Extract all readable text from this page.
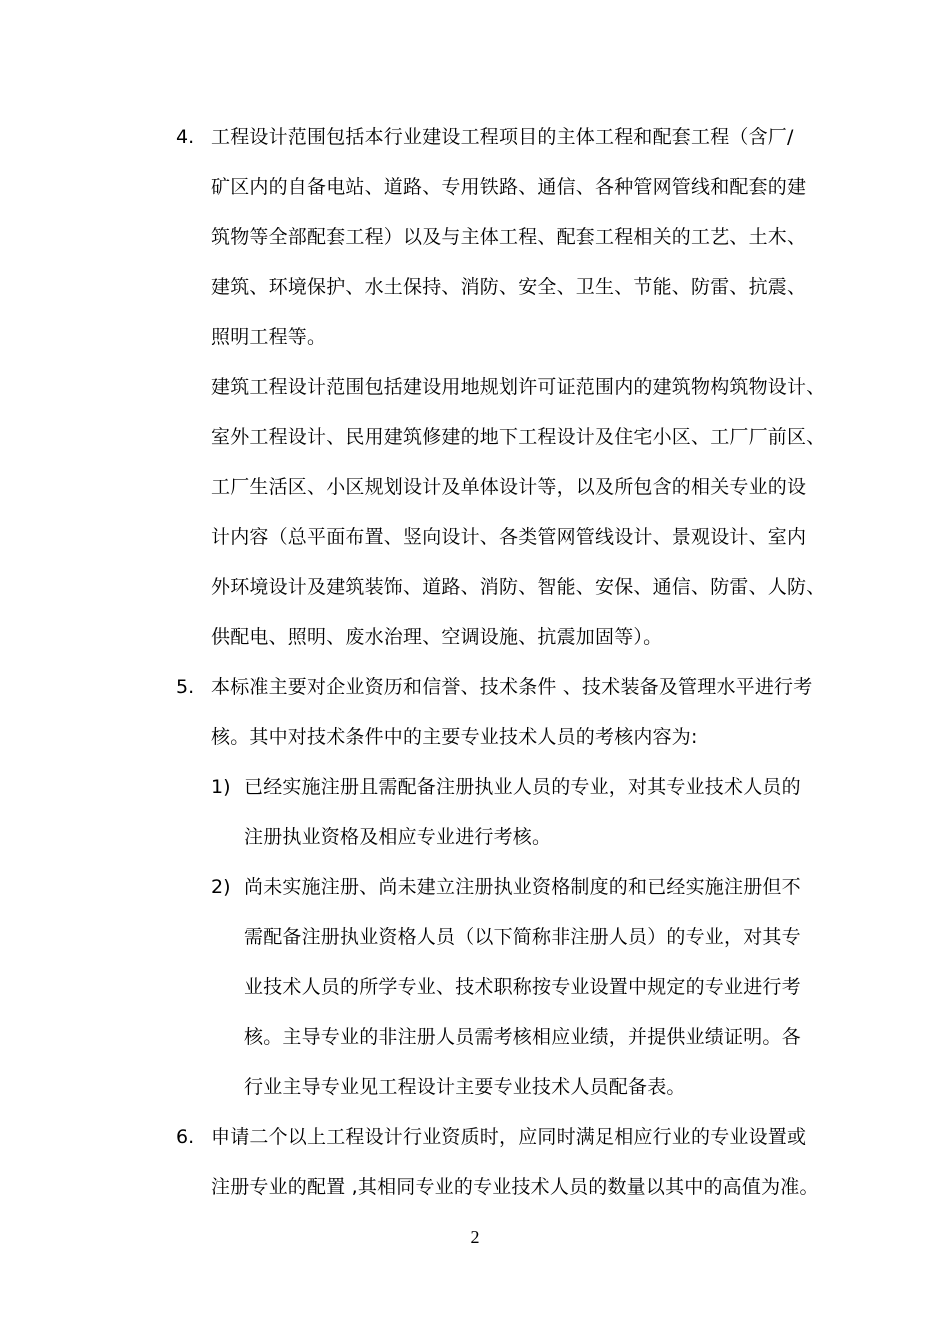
4. 工程设计范围包括本行业建设工程项目的主体工程和配套工程（含厂/
矿区内的自备电站、道路、专用铁路、通信、各种管网管线和配套的建
筑物等全部配套工程）以及与主体工程、配套工程相关的工艺、土木、
建筑、环境保护、水土保持、消防、安全、卫生、节能、防雷、抗震、
照明工程等。
建筑工程设计范围包括建设用地规划许可证范围内的建筑物构筑物设计、
室外工程设计、民用建筑修建的地下工程设计及住宅小区、工厂厂前区、
工厂生活区、小区规划设计及单体设计等，以及所包含的相关专业的设
计内容（总平面布置、竖向设计、各类管网管线设计、景观设计、室内
外环境设计及建筑装饰、道路、消防、智能、安保、通信、防雷、人防、
供配电、照明、废水治理、空调设施、抗震加固等）。
5. 本标准主要对企业资历和信誉、技术条件 、技术装备及管理水平进行考
核。其中对技术条件中的主要专业技术人员的考核内容为:
1) 已经实施注册且需配备注册执业人员的专业，对其专业技术人员的
注册执业资格及相应专业进行考核。
2) 尚未实施注册、尚未建立注册执业资格制度的和已经实施注册但不
需配备注册执业资格人员（以下简称非注册人员）的专业，对其专
业技术人员的所学专业、技术职称按专业设置中规定的专业进行考
核。主导专业的非注册人员需考核相应业绩，并提供业绩证明。各
行业主导专业见工程设计主要专业技术人员配备表。
6. 申请二个以上工程设计行业资质时，应同时满足相应行业的专业设置或
注册专业的配置 ,其相同专业的专业技术人员的数量以其中的高值为准。
2
